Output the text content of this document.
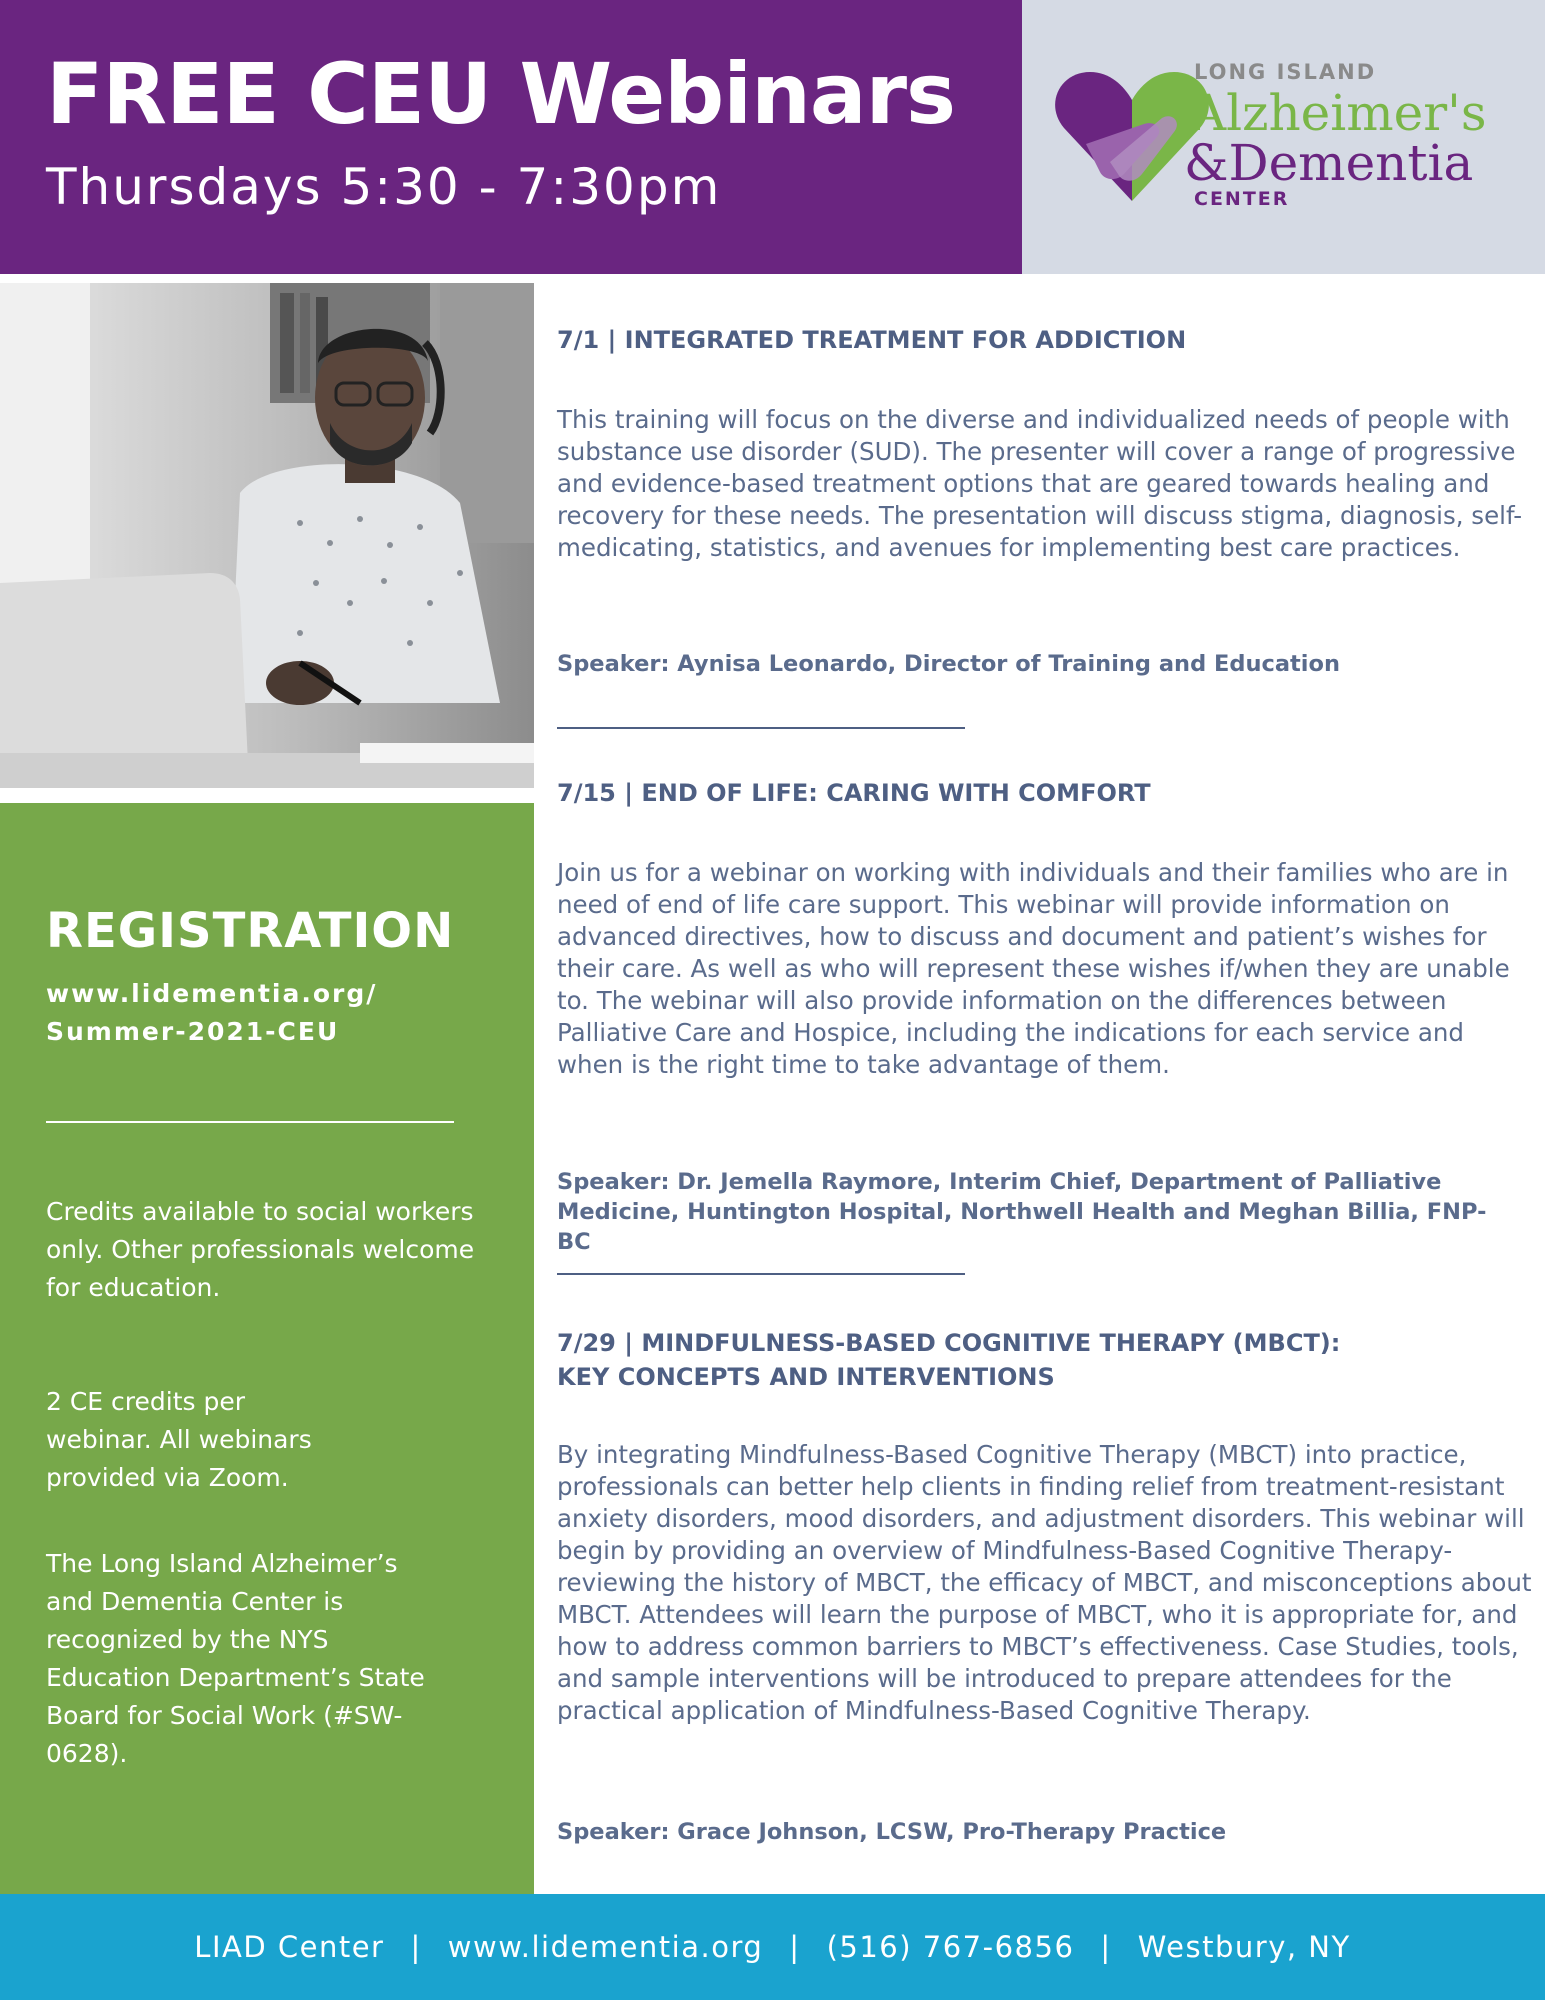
FREE CEU Webinars
Thursdays 5:30 - 7:30pm
LONG ISLAND
Alzheimer's
&Dementia
CENTER
REGISTRATION
www.lidementia.org/
Summer-2021-CEU
Credits available to social workers only. Other professionals welcome for education.
2 CE credits per webinar. All webinars provided via Zoom.
The Long Island Alzheimer’s and Dementia Center is recognized by the NYS Education Department’s State Board for Social Work (#SW-0628).
7/1 | INTEGRATED TREATMENT FOR ADDICTION

This training will focus on the diverse and individualized needs of people with substance use disorder (SUD). The presenter will cover a range of progressive and evidence-based treatment options that are geared towards healing and recovery for these needs. The presentation will discuss stigma, diagnosis, self-medicating, statistics, and avenues for implementing best care practices.

Speaker: Aynisa Leonardo, Director of Training and Education

7/15 | END OF LIFE: CARING WITH COMFORT

Join us for a webinar on working with individuals and their families who are in need of end of life care support. This webinar will provide information on advanced directives, how to discuss and document and patient’s wishes for their care. As well as who will represent these wishes if/when they are unable to. The webinar will also provide information on the differences between Palliative Care and Hospice, including the indications for each service and when is the right time to take advantage of them.

Speaker: Dr. Jemella Raymore, Interim Chief, Department of Palliative Medicine, Huntington Hospital, Northwell Health and Meghan Billia, FNP-BC

7/29 | MINDFULNESS-BASED COGNITIVE THERAPY (MBCT):
KEY CONCEPTS AND INTERVENTIONS

By integrating Mindfulness-Based Cognitive Therapy (MBCT) into practice, professionals can better help clients in finding relief from treatment-resistant anxiety disorders, mood disorders, and adjustment disorders. This webinar will begin by providing an overview of Mindfulness-Based Cognitive Therapy- reviewing the history of MBCT, the efficacy of MBCT, and misconceptions about MBCT. Attendees will learn the purpose of MBCT, who it is appropriate for, and how to address common barriers to MBCT’s effectiveness. Case Studies, tools, and sample interventions will be introduced to prepare attendees for the practical application of Mindfulness-Based Cognitive Therapy.

Speaker: Grace Johnson, LCSW, Pro-Therapy Practice

LIAD Center | www.lidementia.org | (516) 767-6856 | Westbury, NY
